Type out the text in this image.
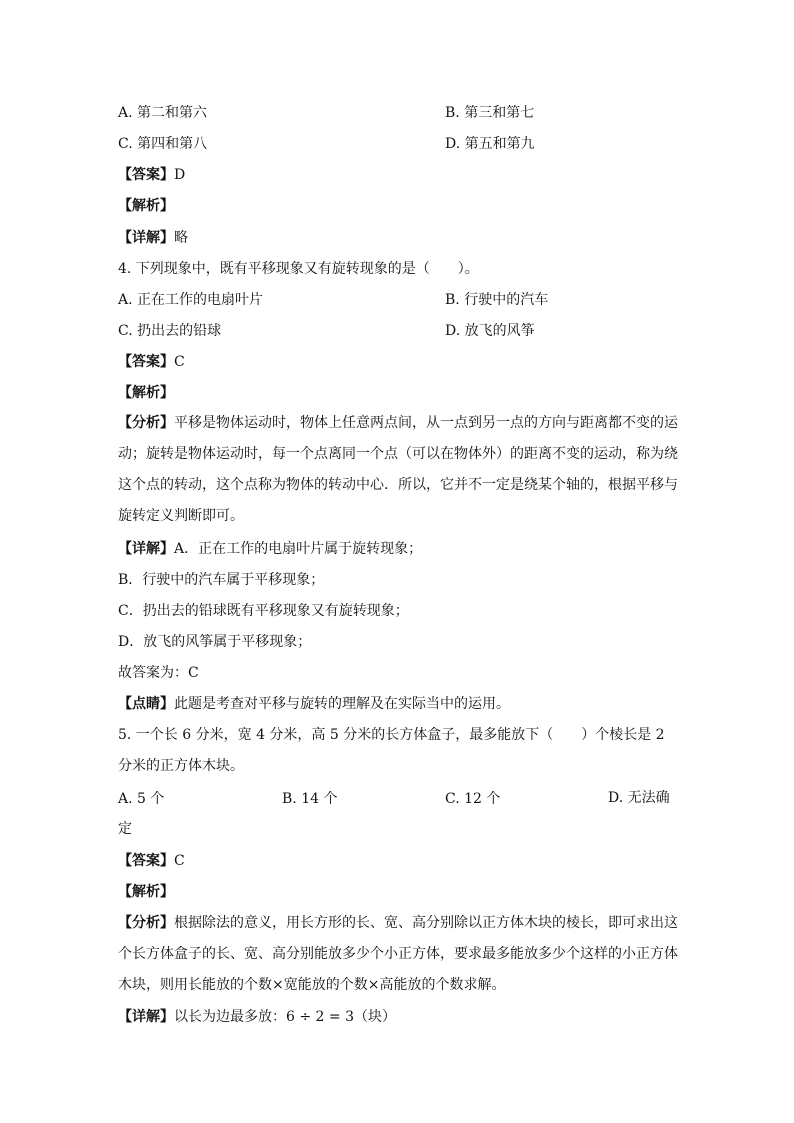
A. 第二和第六	B. 第三和第七
C. 第四和第八	D. 第五和第九
【答案】D
【解析】
【详解】略
4. 下列现象中，既有平移现象又有旋转现象的是（　　）。
A. 正在工作的电扇叶片	B. 行驶中的汽车
C. 扔出去的铅球	D. 放飞的风筝
【答案】C
【解析】
【分析】平移是物体运动时，物体上任意两点间，从一点到另一点的方向与距离都不变的运动；旋转是物体运动时，每一个点离同一个点（可以在物体外）的距离不变的运动，称为绕这个点的转动，这个点称为物体的转动中心．所以，它并不一定是绕某个轴的，根据平移与旋转定义判断即可。
【详解】A．正在工作的电扇叶片属于旋转现象；
B．行驶中的汽车属于平移现象；
C．扔出去的铅球既有平移现象又有旋转现象；
D．放飞的风筝属于平移现象；
故答案为：C
【点睛】此题是考查对平移与旋转的理解及在实际当中的运用。
5. 一个长 6 分米，宽 4 分米，高 5 分米的长方体盒子，最多能放下（　　）个棱长是 2 分米的正方体木块。
A. 5 个	B. 14 个	C. 12 个	D. 无法确定
【答案】C
【解析】
【分析】根据除法的意义，用长方形的长、宽、高分别除以正方体木块的棱长，即可求出这个长方体盒子的长、宽、高分别能放多少个小正方体，要求最多能放多少个这样的小正方体木块，则用长能放的个数×宽能放的个数×高能放的个数求解。
【详解】以长为边最多放：6 ÷ 2 = 3（块）
